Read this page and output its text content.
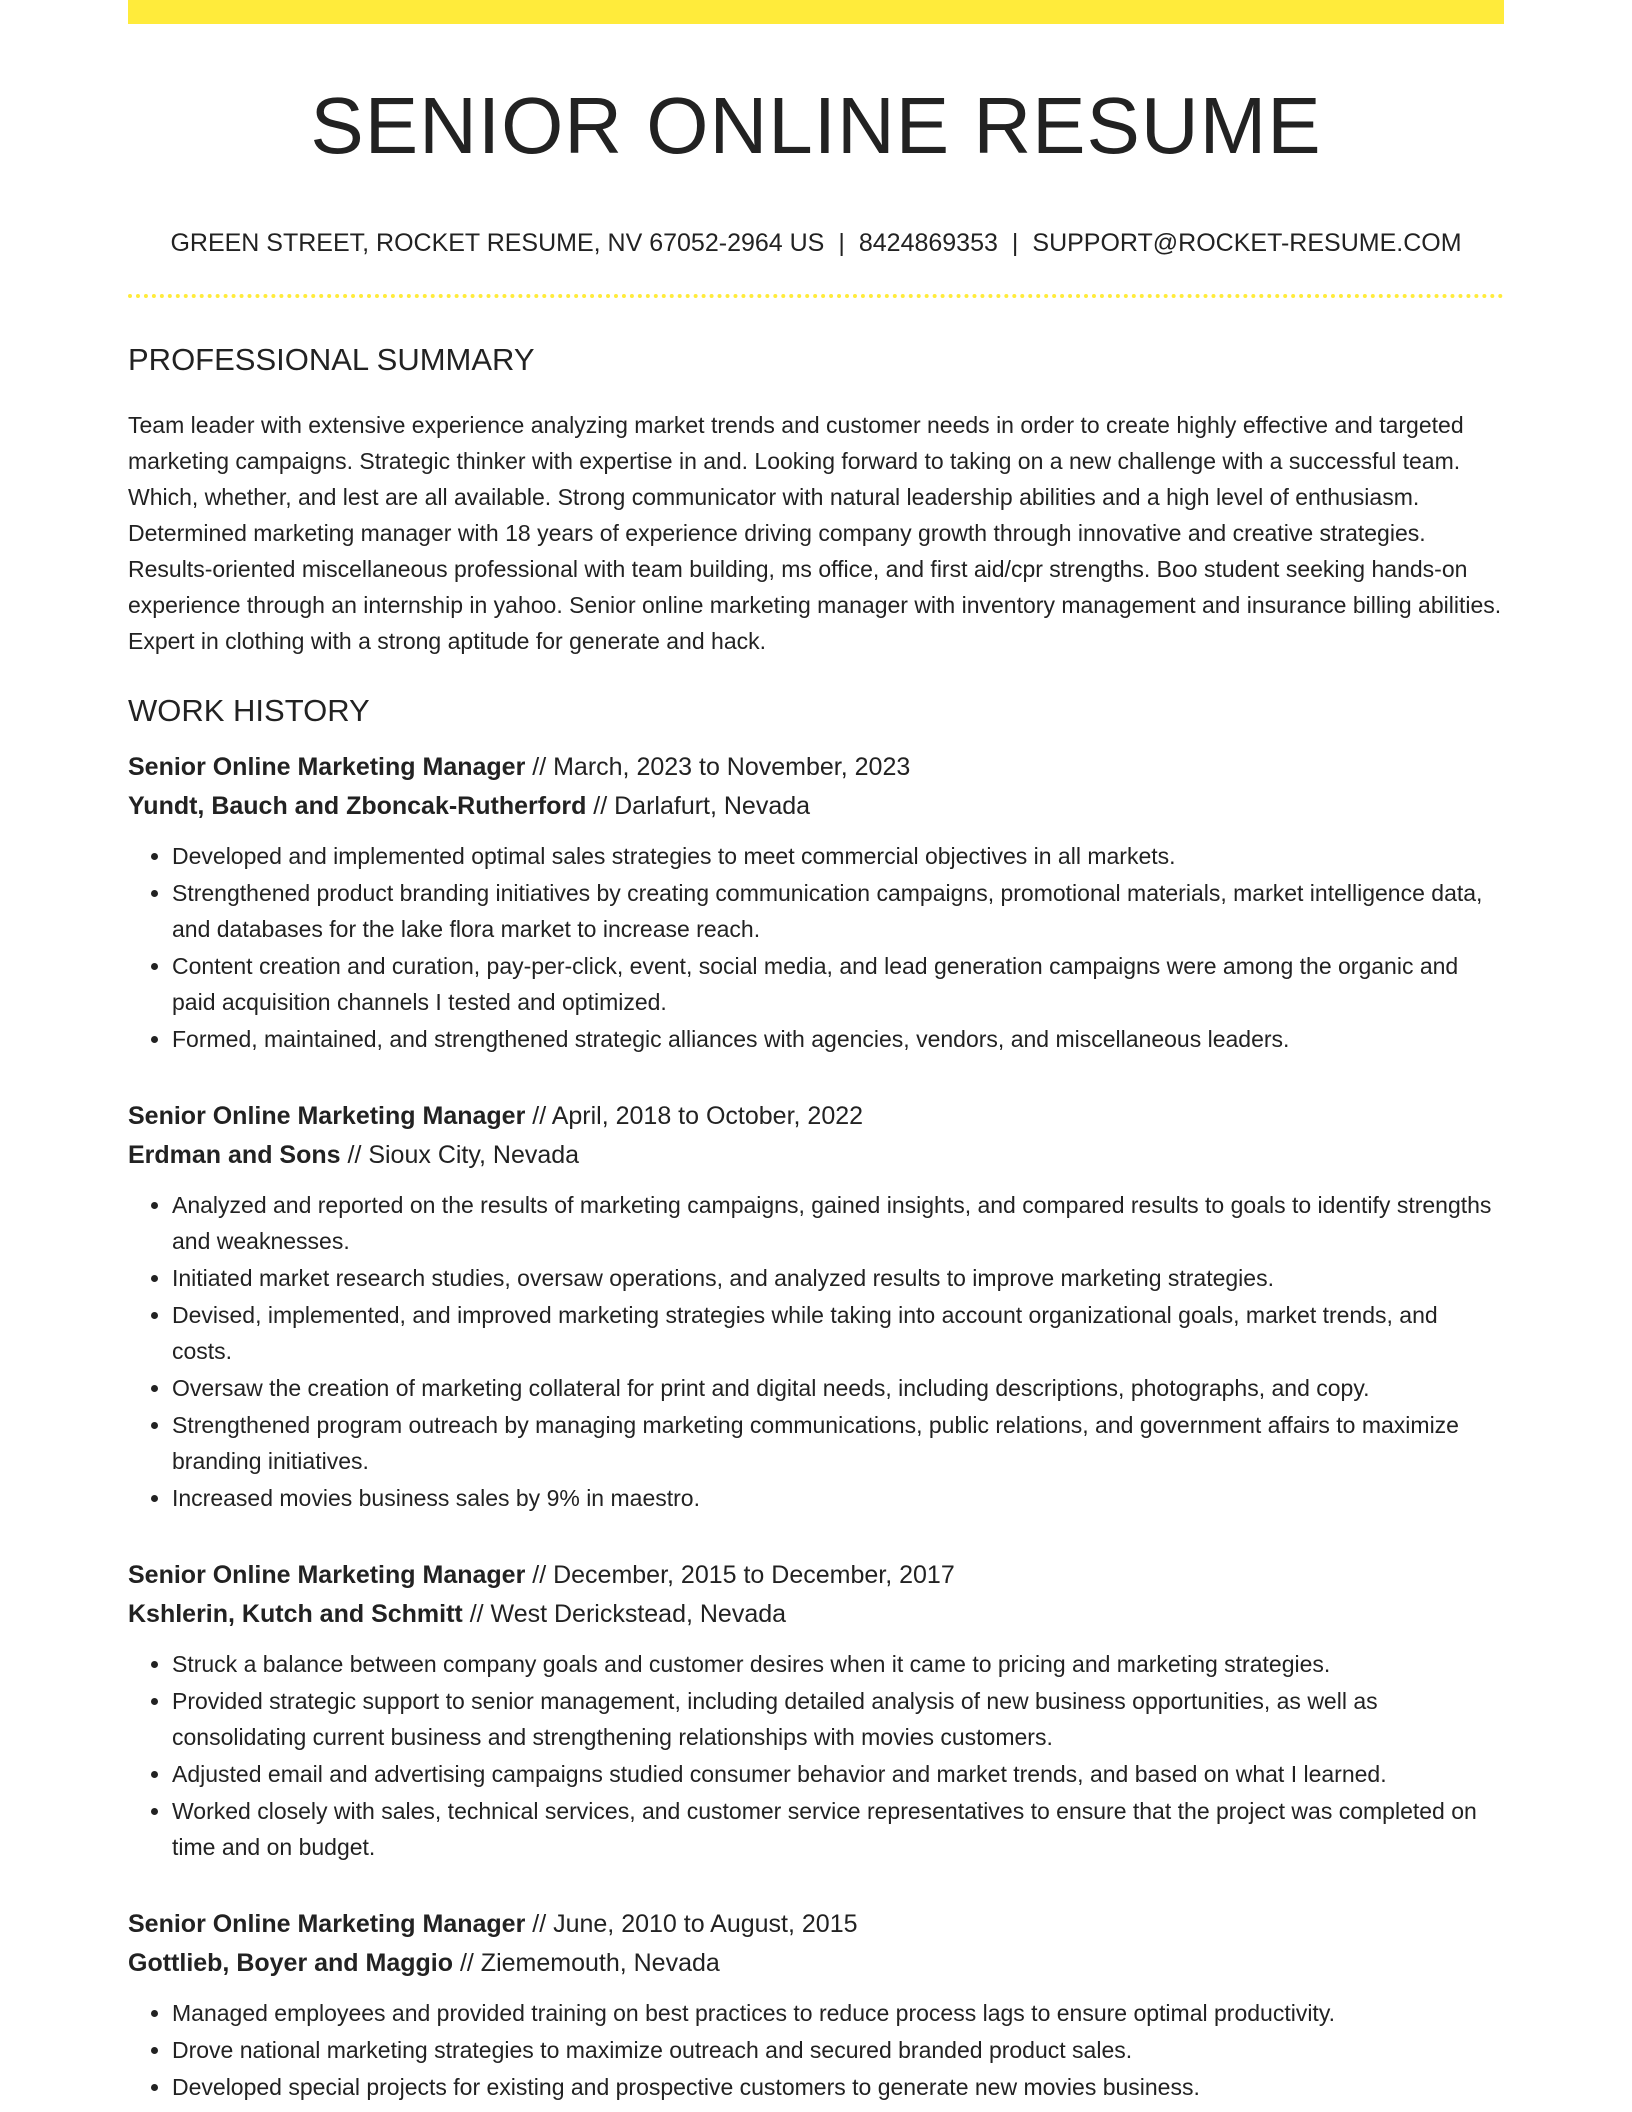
SENIOR ONLINE RESUME
GREEN STREET, ROCKET RESUME, NV 67052-2964 US | 8424869353 | SUPPORT@ROCKET-RESUME.COM
PROFESSIONAL SUMMARY

Team leader with extensive experience analyzing market trends and customer needs in order to create highly effective and targeted marketing campaigns. Strategic thinker with expertise in and. Looking forward to taking on a new challenge with a successful team. Which, whether, and lest are all available. Strong communicator with natural leadership abilities and a high level of enthusiasm. Determined marketing manager with 18 years of experience driving company growth through innovative and creative strategies. Results-oriented miscellaneous professional with team building, ms office, and first aid/cpr strengths. Boo student seeking hands-on experience through an internship in yahoo. Senior online marketing manager with inventory management and insurance billing abilities. Expert in clothing with a strong aptitude for generate and hack.

WORK HISTORY
Senior Online Marketing Manager // March, 2023 to November, 2023
Yundt, Bauch and Zboncak-Rutherford // Darlafurt, Nevada
• Developed and implemented optimal sales strategies to meet commercial objectives in all markets.
• Strengthened product branding initiatives by creating communication campaigns, promotional materials, market intelligence data, and databases for the lake flora market to increase reach.
• Content creation and curation, pay-per-click, event, social media, and lead generation campaigns were among the organic and paid acquisition channels I tested and optimized.
• Formed, maintained, and strengthened strategic alliances with agencies, vendors, and miscellaneous leaders.
Senior Online Marketing Manager // April, 2018 to October, 2022
Erdman and Sons // Sioux City, Nevada
• Analyzed and reported on the results of marketing campaigns, gained insights, and compared results to goals to identify strengths and weaknesses.
• Initiated market research studies, oversaw operations, and analyzed results to improve marketing strategies.
• Devised, implemented, and improved marketing strategies while taking into account organizational goals, market trends, and costs.
• Oversaw the creation of marketing collateral for print and digital needs, including descriptions, photographs, and copy.
• Strengthened program outreach by managing marketing communications, public relations, and government affairs to maximize branding initiatives.
• Increased movies business sales by 9% in maestro.
Senior Online Marketing Manager // December, 2015 to December, 2017
Kshlerin, Kutch and Schmitt // West Derickstead, Nevada
• Struck a balance between company goals and customer desires when it came to pricing and marketing strategies.
• Provided strategic support to senior management, including detailed analysis of new business opportunities, as well as consolidating current business and strengthening relationships with movies customers.
• Adjusted email and advertising campaigns studied consumer behavior and market trends, and based on what I learned.
• Worked closely with sales, technical services, and customer service representatives to ensure that the project was completed on time and on budget.
Senior Online Marketing Manager // June, 2010 to August, 2015
Gottlieb, Boyer and Maggio // Ziememouth, Nevada
• Managed employees and provided training on best practices to reduce process lags to ensure optimal productivity.
• Drove national marketing strategies to maximize outreach and secured branded product sales.
• Developed special projects for existing and prospective customers to generate new movies business.
